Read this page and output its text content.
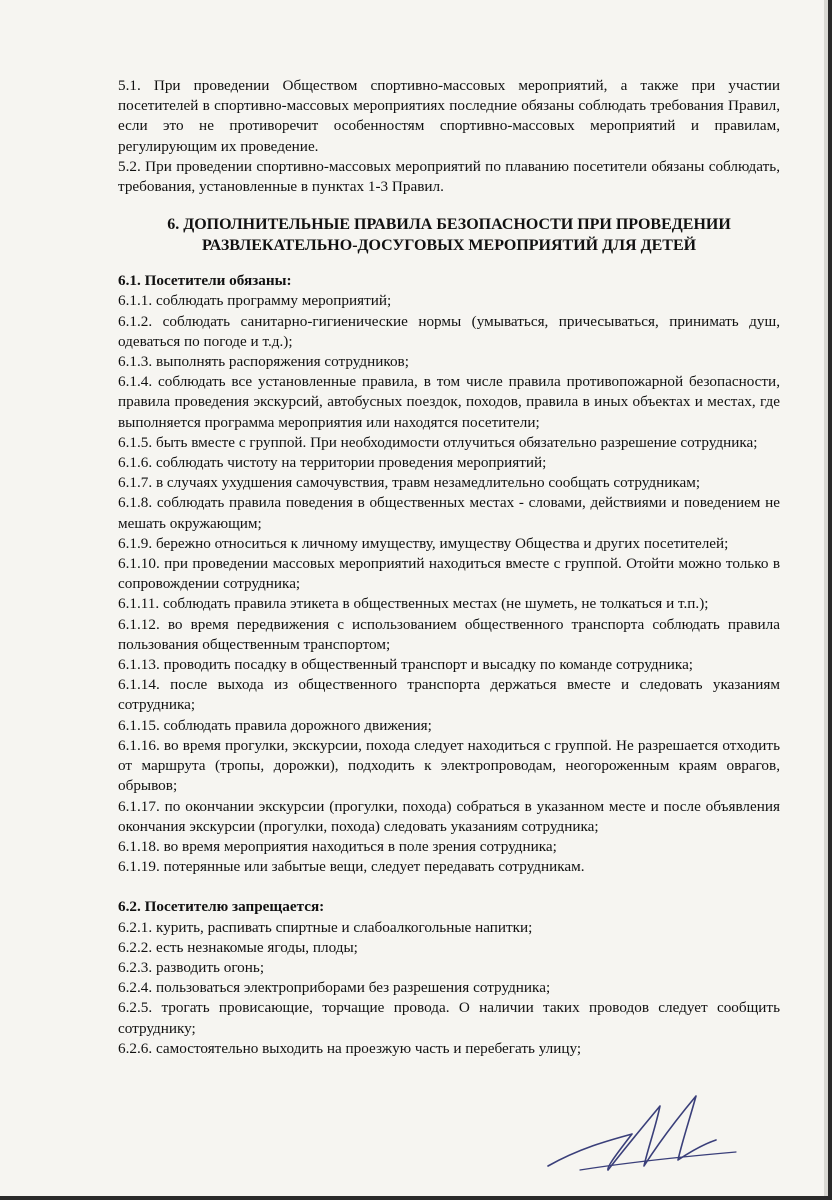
5.1. При проведении Обществом спортивно-массовых мероприятий, а также при участии посетителей в спортивно-массовых мероприятиях последние обязаны соблюдать требования Правил, если это не противоречит особенностям спортивно-массовых мероприятий и правилам, регулирующим их проведение.

5.2. При проведении спортивно-массовых мероприятий по плаванию посетители обязаны соблюдать, требования, установленные в пунктах 1-3 Правил.

6. ДОПОЛНИТЕЛЬНЫЕ ПРАВИЛА БЕЗОПАСНОСТИ ПРИ ПРОВЕДЕНИИ РАЗВЛЕКАТЕЛЬНО-ДОСУГОВЫХ МЕРОПРИЯТИЙ ДЛЯ ДЕТЕЙ

6.1. Посетители обязаны:

6.1.1. соблюдать программу мероприятий;

6.1.2. соблюдать санитарно-гигиенические нормы (умываться, причесываться, принимать душ, одеваться по погоде и т.д.);

6.1.3. выполнять распоряжения сотрудников;

6.1.4. соблюдать все установленные правила, в том числе правила противопожарной безопасности, правила проведения экскурсий, автобусных поездок, походов, правила в иных объектах и местах, где выполняется программа мероприятия или находятся посетители;

6.1.5. быть вместе с группой. При необходимости отлучиться обязательно разрешение сотрудника;

6.1.6. соблюдать чистоту на территории проведения мероприятий;

6.1.7. в случаях ухудшения самочувствия, травм незамедлительно сообщать сотрудникам;

6.1.8. соблюдать правила поведения в общественных местах - словами, действиями и поведением не мешать окружающим;

6.1.9. бережно относиться к личному имуществу, имуществу Общества и других посетителей;

6.1.10. при проведении массовых мероприятий находиться вместе с группой. Отойти можно только в сопровождении сотрудника;

6.1.11. соблюдать правила этикета в общественных местах (не шуметь, не толкаться и т.п.);

6.1.12. во время передвижения с использованием общественного транспорта соблюдать правила пользования общественным транспортом;

6.1.13. проводить посадку в общественный транспорт и высадку по команде сотрудника;

6.1.14. после выхода из общественного транспорта держаться вместе и следовать указаниям сотрудника;

6.1.15. соблюдать правила дорожного движения;

6.1.16. во время прогулки, экскурсии, похода следует находиться с группой. Не разрешается отходить от маршрута (тропы, дорожки), подходить к электропроводам, неогороженным краям оврагов, обрывов;

6.1.17. по окончании экскурсии (прогулки, похода) собраться в указанном месте и после объявления окончания экскурсии (прогулки, похода) следовать указаниям сотрудника;

6.1.18. во время мероприятия находиться в поле зрения сотрудника;

6.1.19. потерянные или забытые вещи, следует передавать сотрудникам.

6.2. Посетителю запрещается:

6.2.1. курить, распивать спиртные и слабоалкогольные напитки;

6.2.2. есть незнакомые ягоды, плоды;

6.2.3. разводить огонь;

6.2.4. пользоваться электроприборами без разрешения сотрудника;

6.2.5. трогать провисающие, торчащие провода. О наличии таких проводов следует сообщить сотруднику;

6.2.6. самостоятельно выходить на проезжую часть и перебегать улицу;
